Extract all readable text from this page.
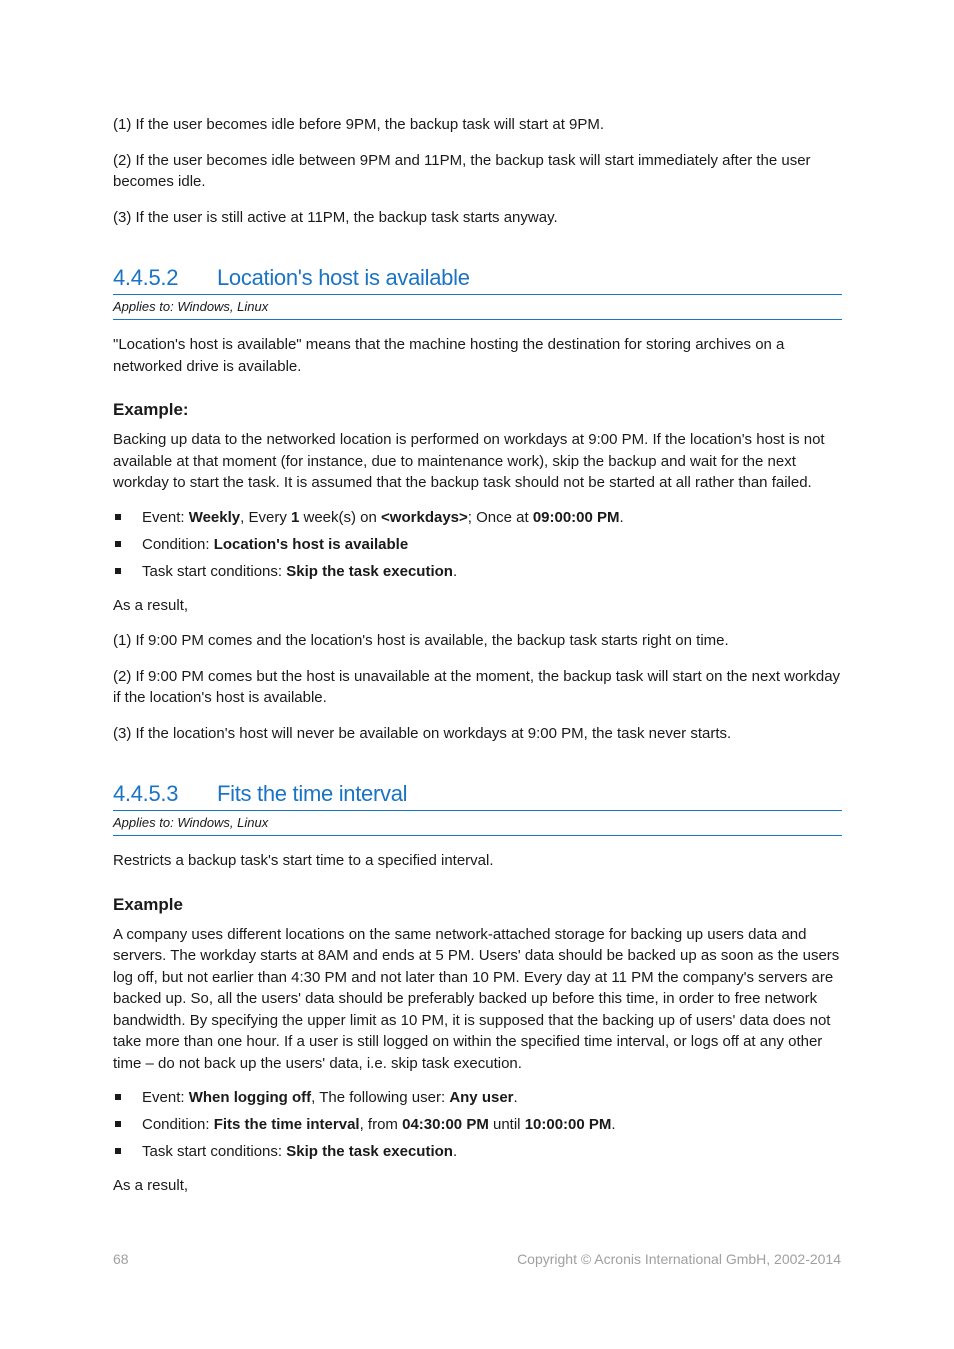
(1) If the user becomes idle before 9PM, the backup task will start at 9PM.

(2) If the user becomes idle between 9PM and 11PM, the backup task will start immediately after the user becomes idle.

(3) If the user is still active at 11PM, the backup task starts anyway.

4.4.5.2	Location's host is available
Applies to: Windows, Linux

"Location's host is available" means that the machine hosting the destination for storing archives on a networked drive is available.

Example:

Backing up data to the networked location is performed on workdays at 9:00 PM. If the location's host is not available at that moment (for instance, due to maintenance work), skip the backup and wait for the next workday to start the task. It is assumed that the backup task should not be started at all rather than failed.

Event: Weekly, Every 1 week(s) on <workdays>; Once at 09:00:00 PM.
Condition: Location's host is available
Task start conditions: Skip the task execution.

As a result,

(1) If 9:00 PM comes and the location's host is available, the backup task starts right on time.

(2) If 9:00 PM comes but the host is unavailable at the moment, the backup task will start on the next workday if the location's host is available.

(3) If the location's host will never be available on workdays at 9:00 PM, the task never starts.

4.4.5.3	Fits the time interval
Applies to: Windows, Linux

Restricts a backup task's start time to a specified interval.

Example

A company uses different locations on the same network-attached storage for backing up users data and servers. The workday starts at 8AM and ends at 5 PM. Users' data should be backed up as soon as the users log off, but not earlier than 4:30 PM and not later than 10 PM. Every day at 11 PM the company's servers are backed up. So, all the users' data should be preferably backed up before this time, in order to free network bandwidth. By specifying the upper limit as 10 PM, it is supposed that the backing up of users' data does not take more than one hour. If a user is still logged on within the specified time interval, or logs off at any other time – do not back up the users' data, i.e. skip task execution.

Event: When logging off, The following user: Any user.
Condition: Fits the time interval, from 04:30:00 PM until 10:00:00 PM.
Task start conditions: Skip the task execution.

As a result,

68	Copyright © Acronis International GmbH, 2002-2014
